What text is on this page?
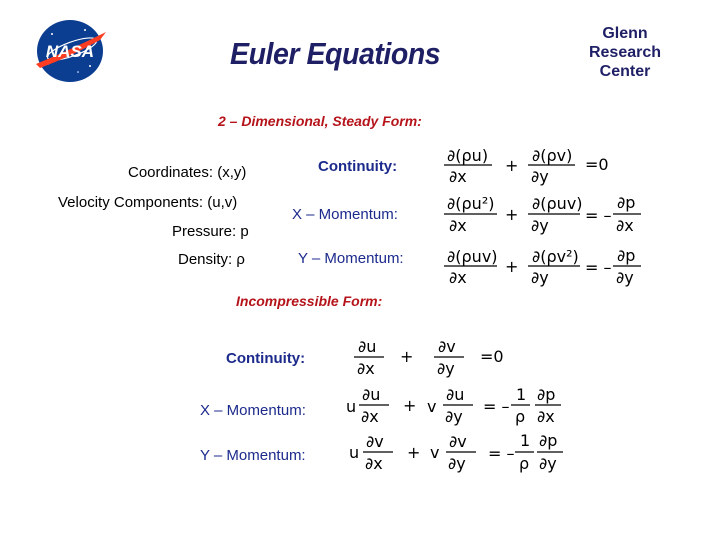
NASA	Euler Equations
Glenn
Research
Center
2 – Dimensional, Steady Form:
Coordinates: (x,y)
Velocity Components: (u,v)
Pressure: p
Density: ρ
Continuity:
X – Momentum:
Y – Momentum:
Incompressible Form:
Continuity:
X – Momentum:
Y – Momentum:
∂(ρu)
∂x
+
∂(ρv)
∂y
=0
∂(ρu²)
∂x
+
∂(ρuv)
∂y
= –
∂p
∂x
∂(ρuv)
∂x
+
∂(ρv²)
∂y
= –
∂p
∂y
∂u
∂x
+
∂v
∂y
=0
u
∂u
∂x
+ v
∂u
∂y
= –
1
ρ
∂p
∂x
u
∂v
∂x
+ v
∂v
∂y
= –
1
ρ
∂p
∂y
